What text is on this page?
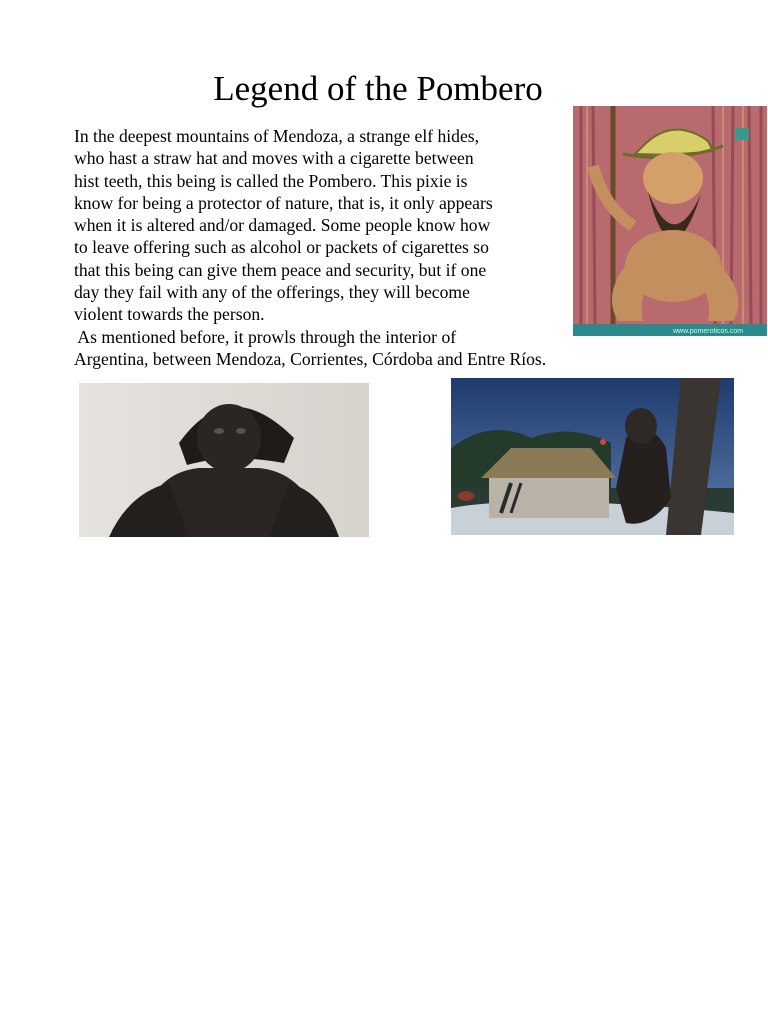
Legend of the Pombero

In the deepest mountains of Mendoza, a strange elf hides,
who hast a straw hat and moves with a cigarette between
hist teeth, this being is called the Pombero. This pixie is
know for being a protector of nature, that is, it only appears
when it is altered and/or damaged. Some people know how
to leave offering such as alcohol or packets of cigarettes so
that this being can give them peace and security, but if one
day they fail with any of the offerings, they will become
violent towards the person.

As mentioned before, it prowls through the interior of
Argentina, between Mendoza, Corrientes, Córdoba and Entre Ríos.

www.pomeroticos.com
